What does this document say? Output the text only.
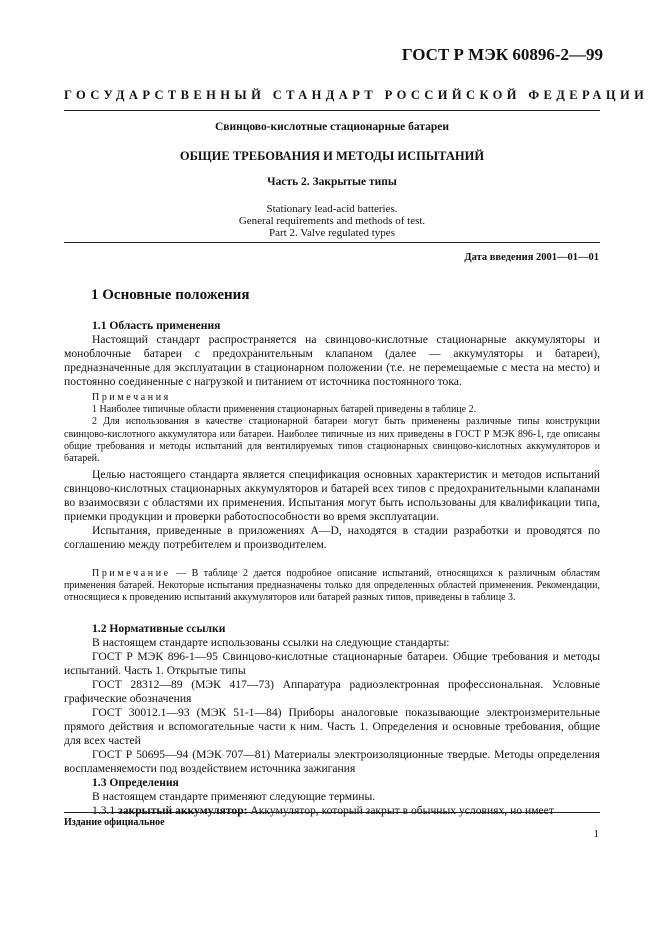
ГОСТ Р МЭК 60896-2—99
ГОСУДАРСТВЕННЫЙ СТАНДАРТ РОССИЙСКОЙ ФЕДЕРАЦИИ
Свинцово-кислотные стационарные батареи
ОБЩИЕ ТРЕБОВАНИЯ И МЕТОДЫ ИСПЫТАНИЙ
Часть 2. Закрытые типы
Stationary lead-acid batteries.
General requirements and methods of test.
Part 2. Valve regulated types
Дата введения 2001—01—01
1 Основные положения

1.1 Область применения

Настоящий стандарт распространяется на свинцово-кислотные стационарные аккумуляторы и моноблочные батареи с предохранительным клапаном (далее — аккумуляторы и батареи), предназначенные для эксплуатации в стационарном положении (т.е. не перемещаемые с места на место) и постоянно соединенные с нагрузкой и питанием от источника постоянного тока.

Примечания

1 Наиболее типичные области применения стационарных батарей приведены в таблице 2.

2 Для использования в качестве стационарной батареи могут быть применены различные типы конструкции свинцово-кислотного аккумулятора или батареи. Наиболее типичные из них приведены в ГОСТ Р МЭК 896-1, где описаны общие требования и методы испытаний для вентилируемых типов стационарных свинцово-кислотных аккумуляторов и батарей.

Целью настоящего стандарта является спецификация основных характеристик и методов испытаний свинцово-кислотных стационарных аккумуляторов и батарей всех типов с предохранительными клапанами во взаимосвязи с областями их применения. Испытания могут быть использованы для квалификации типа, приемки продукции и проверки работоспособности во время эксплуатации.

Испытания, приведенные в приложениях А—D, находятся в стадии разработки и проводятся по соглашению между потребителем и производителем.

Примечание — В таблице 2 дается подробное описание испытаний, относящихся к различным областям применения батарей. Некоторые испытания предназначены только для определенных областей применения. Рекомендации, относящиеся к проведению испытаний аккумуляторов или батарей разных типов, приведены в таблице 3.

1.2 Нормативные ссылки

В настоящем стандарте использованы ссылки на следующие стандарты:

ГОСТ Р МЭК 896-1—95 Свинцово-кислотные стационарные батареи. Общие требования и методы испытаний. Часть 1. Открытые типы

ГОСТ 28312—89 (МЭК 417—73) Аппаратура радиоэлектронная профессиональная. Условные графические обозначения

ГОСТ 30012.1—93 (МЭК 51-1—84) Приборы аналоговые показывающие электроизмерительные прямого действия и вспомогательные части к ним. Часть 1. Определения и основные требования, общие для всех частей

ГОСТ Р 50695—94 (МЭК 707—81) Материалы электроизоляционные твердые. Методы определения воспламеняемости под воздействием источника зажигания

1.3 Определения

В настоящем стандарте применяют следующие термины.

1.3.1 закрытый аккумулятор: Аккумулятор, который закрыт в обычных условиях, но имеет

Издание официальное
1
